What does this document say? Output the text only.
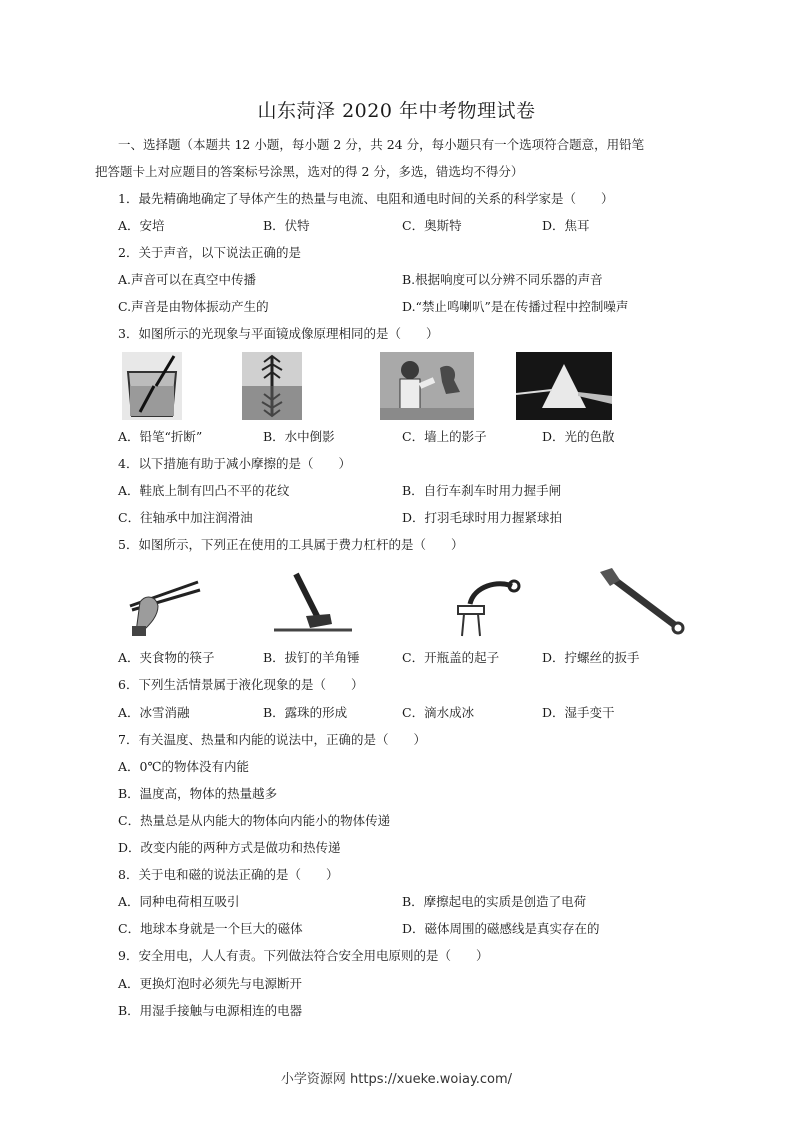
山东菏泽 2020 年中考物理试卷
一、选择题（本题共 12 小题，每小题 2 分，共 24 分，每小题只有一个选项符合题意，用铅笔
把答题卡上对应题目的答案标号涂黑，选对的得 2 分，多选，错选均不得分）
1．最先精确地确定了导体产生的热量与电流、电阻和通电时间的关系的科学家是（　　）
A．安培	B．伏特	C．奥斯特	D．焦耳
2．关于声音，以下说法正确的是
A.声音可以在真空中传播	B.根据响度可以分辨不同乐器的声音
C.声音是由物体振动产生的	D.“禁止鸣喇叭”是在传播过程中控制噪声
3．如图所示的光现象与平面镜成像原理相同的是（　　）
A．铅笔“折断”	B．水中倒影	C．墙上的影子	D．光的色散
4．以下措施有助于减小摩擦的是（　　）
A．鞋底上制有凹凸不平的花纹	B．自行车刹车时用力握手闸
C．往轴承中加注润滑油	D．打羽毛球时用力握紧球拍
5．如图所示，下列正在使用的工具属于费力杠杆的是（　　）
A．夹食物的筷子	B．拔钉的羊角锤	C．开瓶盖的起子	D．拧螺丝的扳手
6．下列生活情景属于液化现象的是（　　）
A．冰雪消融	B．露珠的形成	C．滴水成冰	D．湿手变干
7．有关温度、热量和内能的说法中，正确的是（　　）
A．0℃的物体没有内能
B．温度高，物体的热量越多
C．热量总是从内能大的物体向内能小的物体传递
D．改变内能的两种方式是做功和热传递
8．关于电和磁的说法正确的是（　　）
A．同种电荷相互吸引	B．摩擦起电的实质是创造了电荷
C．地球本身就是一个巨大的磁体	D．磁体周围的磁感线是真实存在的
9．安全用电，人人有责。下列做法符合安全用电原则的是（　　）
A．更换灯泡时必须先与电源断开
B．用湿手接触与电源相连的电器
小学资源网 https://xueke.woiay.com/
